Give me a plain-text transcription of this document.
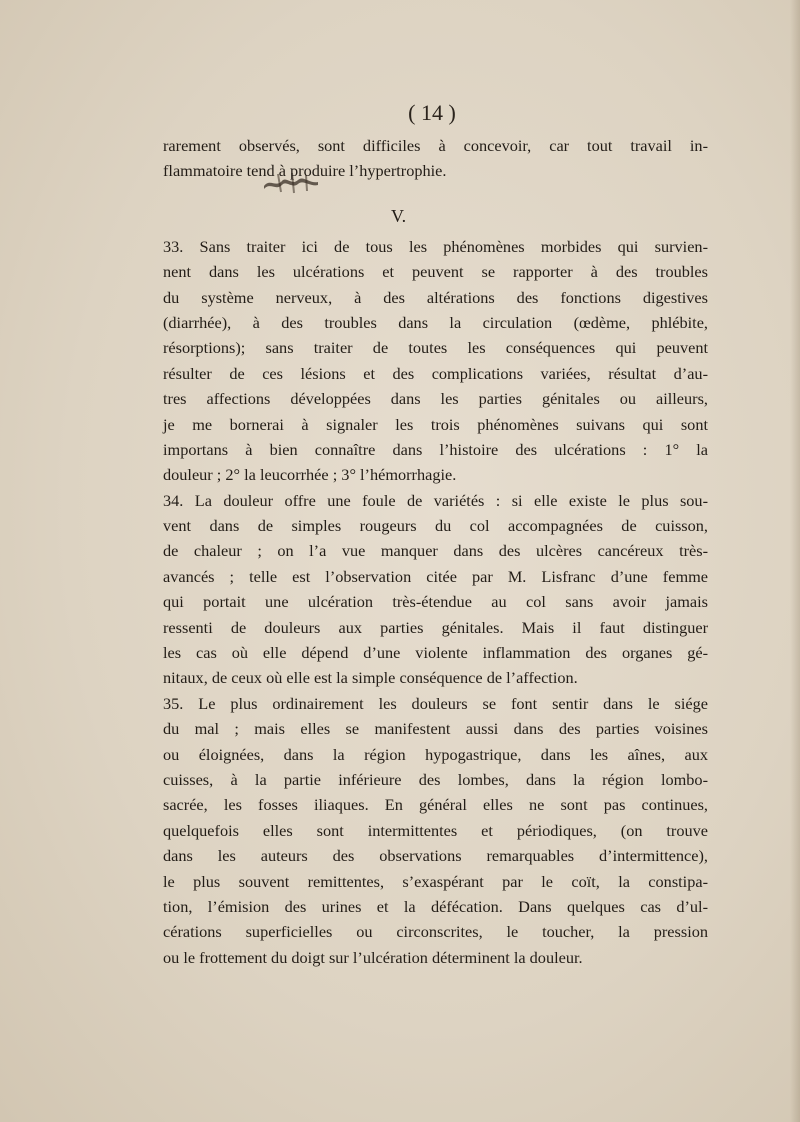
( 14 )
rarement observés, sont difficiles à concevoir, car tout travail in-
flammatoire tend à produire l’hypertrophie.
V.
33. Sans traiter ici de tous les phénomènes morbides qui survien-
nent dans les ulcérations et peuvent se rapporter à des troubles
du système nerveux, à des altérations des fonctions digestives
(diarrhée), à des troubles dans la circulation (œdème, phlébite,
résorptions); sans traiter de toutes les conséquences qui peuvent
résulter de ces lésions et des complications variées, résultat d’au-
tres affections développées dans les parties génitales ou ailleurs,
je me bornerai à signaler les trois phénomènes suivans qui sont
importans à bien connaître dans l’histoire des ulcérations : 1° la
douleur ; 2° la leucorrhée ; 3° l’hémorrhagie.
34. La douleur offre une foule de variétés : si elle existe le plus sou-
vent dans de simples rougeurs du col accompagnées de cuisson,
de chaleur ; on l’a vue manquer dans des ulcères cancéreux très-
avancés ; telle est l’observation citée par M. Lisfranc d’une femme
qui portait une ulcération très-étendue au col sans avoir jamais
ressenti de douleurs aux parties génitales. Mais il faut distinguer
les cas où elle dépend d’une violente inflammation des organes gé-
nitaux, de ceux où elle est la simple conséquence de l’affection.
35. Le plus ordinairement les douleurs se font sentir dans le siége
du mal ; mais elles se manifestent aussi dans des parties voisines
ou éloignées, dans la région hypogastrique, dans les aînes, aux
cuisses, à la partie inférieure des lombes, dans la région lombo-
sacrée, les fosses iliaques. En général elles ne sont pas continues,
quelquefois elles sont intermittentes et périodiques, (on trouve
dans les auteurs des observations remarquables d’intermittence),
le plus souvent remittentes, s’exaspérant par le coït, la constipa-
tion, l’émision des urines et la défécation. Dans quelques cas d’ul-
cérations superficielles ou circonscrites, le toucher, la pression
ou le frottement du doigt sur l’ulcération déterminent la douleur.
